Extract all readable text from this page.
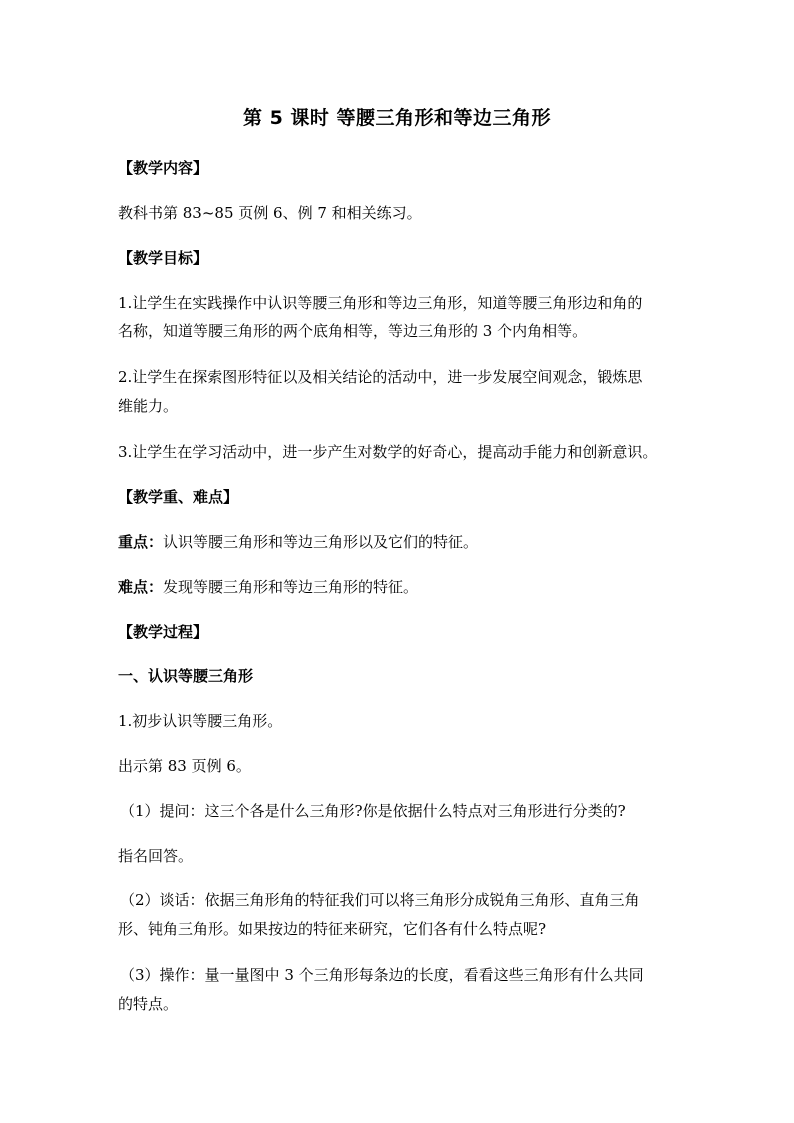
第 5 课时 等腰三角形和等边三角形
【教学内容】
教科书第 83~85 页例 6、例 7 和相关练习。
【教学目标】
1.让学生在实践操作中认识等腰三角形和等边三角形，知道等腰三角形边和角的
名称，知道等腰三角形的两个底角相等，等边三角形的 3 个内角相等。
2.让学生在探索图形特征以及相关结论的活动中，进一步发展空间观念，锻炼思
维能力。
3.让学生在学习活动中，进一步产生对数学的好奇心，提高动手能力和创新意识。
【教学重、难点】
重点：认识等腰三角形和等边三角形以及它们的特征。
难点：发现等腰三角形和等边三角形的特征。
【教学过程】
一、认识等腰三角形
1.初步认识等腰三角形。
出示第 83 页例 6。
（1）提问：这三个各是什么三角形?你是依据什么特点对三角形进行分类的?
指名回答。
（2）谈话：依据三角形角的特征我们可以将三角形分成锐角三角形、直角三角
形、钝角三角形。如果按边的特征来研究，它们各有什么特点呢?
（3）操作：量一量图中 3 个三角形每条边的长度，看看这些三角形有什么共同
的特点。
